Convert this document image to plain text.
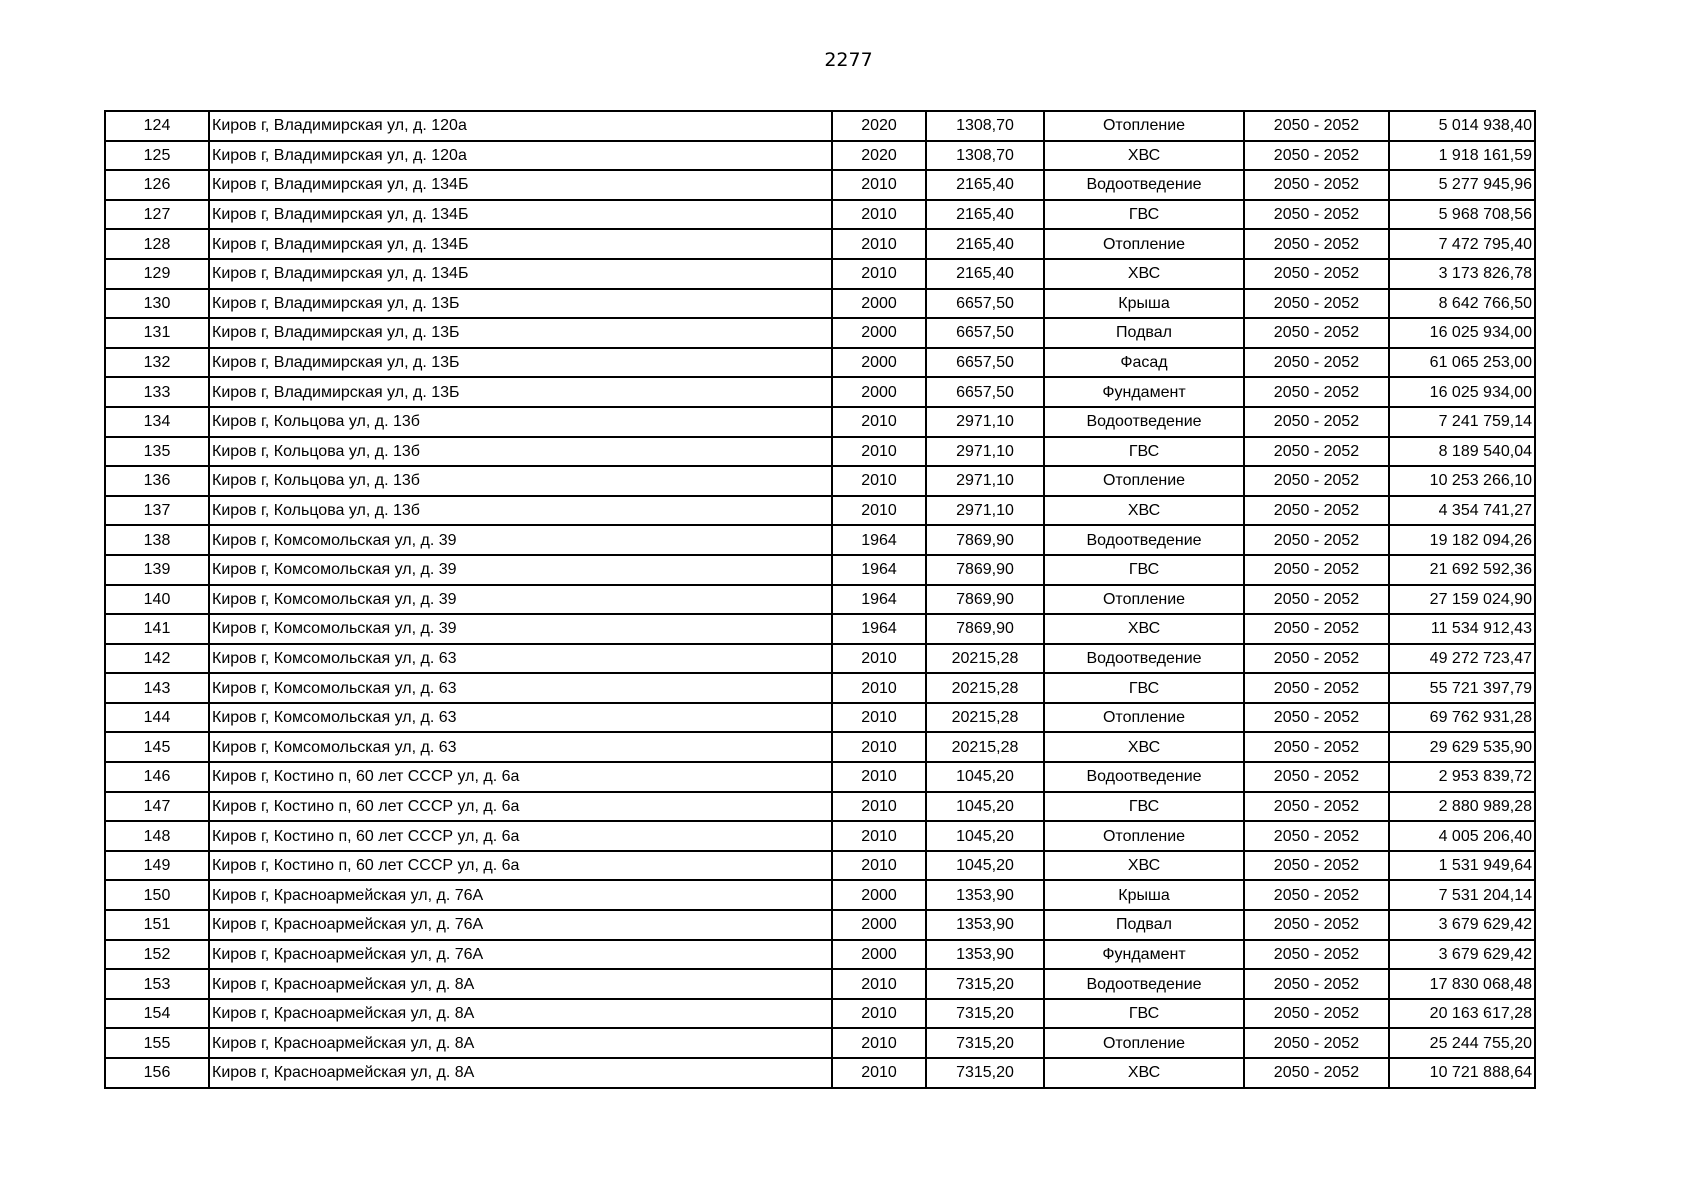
2277
124	Киров г, Владимирская ул, д. 120а	2020	1308,70	Отопление	2050 - 2052	5 014 938,40
125	Киров г, Владимирская ул, д. 120а	2020	1308,70	ХВС	2050 - 2052	1 918 161,59
126	Киров г, Владимирская ул, д. 134Б	2010	2165,40	Водоотведение	2050 - 2052	5 277 945,96
127	Киров г, Владимирская ул, д. 134Б	2010	2165,40	ГВС	2050 - 2052	5 968 708,56
128	Киров г, Владимирская ул, д. 134Б	2010	2165,40	Отопление	2050 - 2052	7 472 795,40
129	Киров г, Владимирская ул, д. 134Б	2010	2165,40	ХВС	2050 - 2052	3 173 826,78
130	Киров г, Владимирская ул, д. 13Б	2000	6657,50	Крыша	2050 - 2052	8 642 766,50
131	Киров г, Владимирская ул, д. 13Б	2000	6657,50	Подвал	2050 - 2052	16 025 934,00
132	Киров г, Владимирская ул, д. 13Б	2000	6657,50	Фасад	2050 - 2052	61 065 253,00
133	Киров г, Владимирская ул, д. 13Б	2000	6657,50	Фундамент	2050 - 2052	16 025 934,00
134	Киров г, Кольцова ул, д. 13б	2010	2971,10	Водоотведение	2050 - 2052	7 241 759,14
135	Киров г, Кольцова ул, д. 13б	2010	2971,10	ГВС	2050 - 2052	8 189 540,04
136	Киров г, Кольцова ул, д. 13б	2010	2971,10	Отопление	2050 - 2052	10 253 266,10
137	Киров г, Кольцова ул, д. 13б	2010	2971,10	ХВС	2050 - 2052	4 354 741,27
138	Киров г, Комсомольская ул, д. 39	1964	7869,90	Водоотведение	2050 - 2052	19 182 094,26
139	Киров г, Комсомольская ул, д. 39	1964	7869,90	ГВС	2050 - 2052	21 692 592,36
140	Киров г, Комсомольская ул, д. 39	1964	7869,90	Отопление	2050 - 2052	27 159 024,90
141	Киров г, Комсомольская ул, д. 39	1964	7869,90	ХВС	2050 - 2052	11 534 912,43
142	Киров г, Комсомольская ул, д. 63	2010	20215,28	Водоотведение	2050 - 2052	49 272 723,47
143	Киров г, Комсомольская ул, д. 63	2010	20215,28	ГВС	2050 - 2052	55 721 397,79
144	Киров г, Комсомольская ул, д. 63	2010	20215,28	Отопление	2050 - 2052	69 762 931,28
145	Киров г, Комсомольская ул, д. 63	2010	20215,28	ХВС	2050 - 2052	29 629 535,90
146	Киров г, Костино п, 60 лет СССР ул, д. 6а	2010	1045,20	Водоотведение	2050 - 2052	2 953 839,72
147	Киров г, Костино п, 60 лет СССР ул, д. 6а	2010	1045,20	ГВС	2050 - 2052	2 880 989,28
148	Киров г, Костино п, 60 лет СССР ул, д. 6а	2010	1045,20	Отопление	2050 - 2052	4 005 206,40
149	Киров г, Костино п, 60 лет СССР ул, д. 6а	2010	1045,20	ХВС	2050 - 2052	1 531 949,64
150	Киров г, Красноармейская ул, д. 76А	2000	1353,90	Крыша	2050 - 2052	7 531 204,14
151	Киров г, Красноармейская ул, д. 76А	2000	1353,90	Подвал	2050 - 2052	3 679 629,42
152	Киров г, Красноармейская ул, д. 76А	2000	1353,90	Фундамент	2050 - 2052	3 679 629,42
153	Киров г, Красноармейская ул, д. 8А	2010	7315,20	Водоотведение	2050 - 2052	17 830 068,48
154	Киров г, Красноармейская ул, д. 8А	2010	7315,20	ГВС	2050 - 2052	20 163 617,28
155	Киров г, Красноармейская ул, д. 8А	2010	7315,20	Отопление	2050 - 2052	25 244 755,20
156	Киров г, Красноармейская ул, д. 8А	2010	7315,20	ХВС	2050 - 2052	10 721 888,64
